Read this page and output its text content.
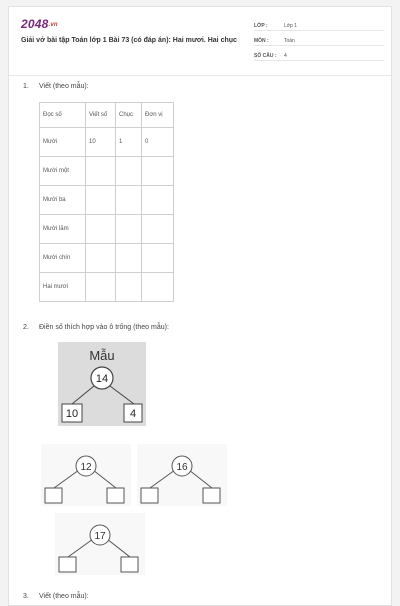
2048.vn
Giải vở bài tập Toán lớp 1 Bài 73 (có đáp án): Hai mươi. Hai chục
LỚP :	Lớp 1
MÔN :	Toán
SỐ CÂU :	4
1. Viết (theo mẫu):
Đọc số	Viết số	Chục	Đơn vị
Mười	10	1	0
Mười một			
Mười ba			
Mười lăm			
Mười chín			
Hai mươi			
2. Điền số thích hợp vào ô trống (theo mẫu):
Mẫu
14
10	4
12	16
17
3. Viết (theo mẫu):
